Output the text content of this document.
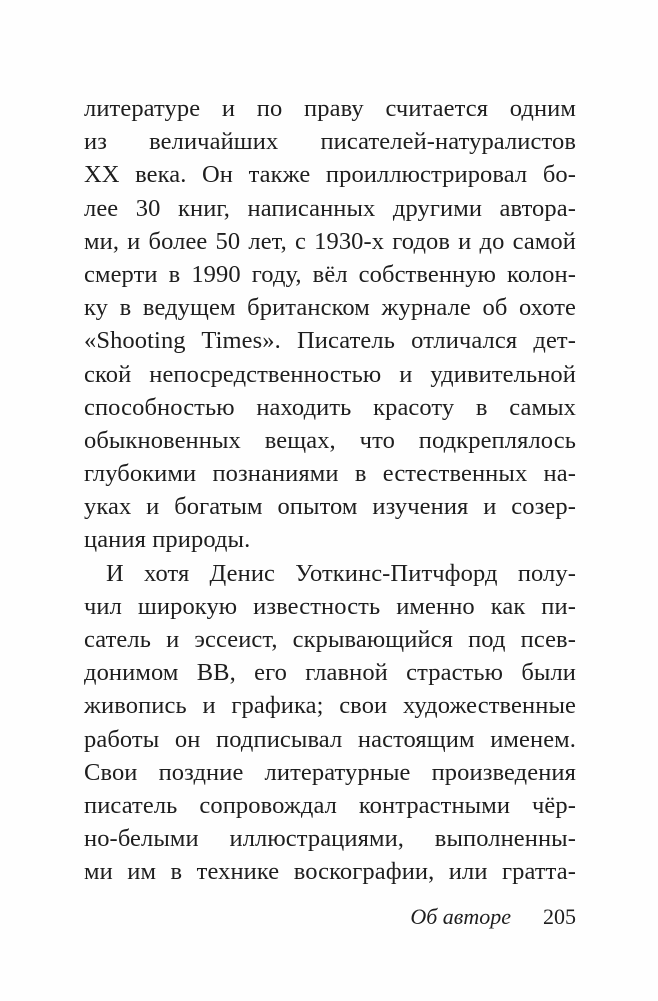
литературе и по праву считается одним
из величайших писателей-натуралистов
XX века. Он также проиллюстрировал бо-
лее 30 книг, написанных другими автора-
ми, и более 50 лет, с 1930-х годов и до самой
смерти в 1990 году, вёл собственную колон-
ку в ведущем британском журнале об охоте
«Shooting Times». Писатель отличался дет-
ской непосредственностью и удивительной
способностью находить красоту в самых
обыкновенных вещах, что подкреплялось
глубокими познаниями в естественных на-
уках и богатым опытом изучения и созер-
цания природы.
И хотя Денис Уоткинс-Питчфорд полу-
чил широкую известность именно как пи-
сатель и эссеист, скрывающийся под псев-
донимом BB, его главной страстью были
живопись и графика; свои художественные
работы он подписывал настоящим именем.
Свои поздние литературные произведения
писатель сопровождал контрастными чёр-
но-белыми иллюстрациями, выполненны-
ми им в технике воскографии, или гратта-
Об авторе 205
